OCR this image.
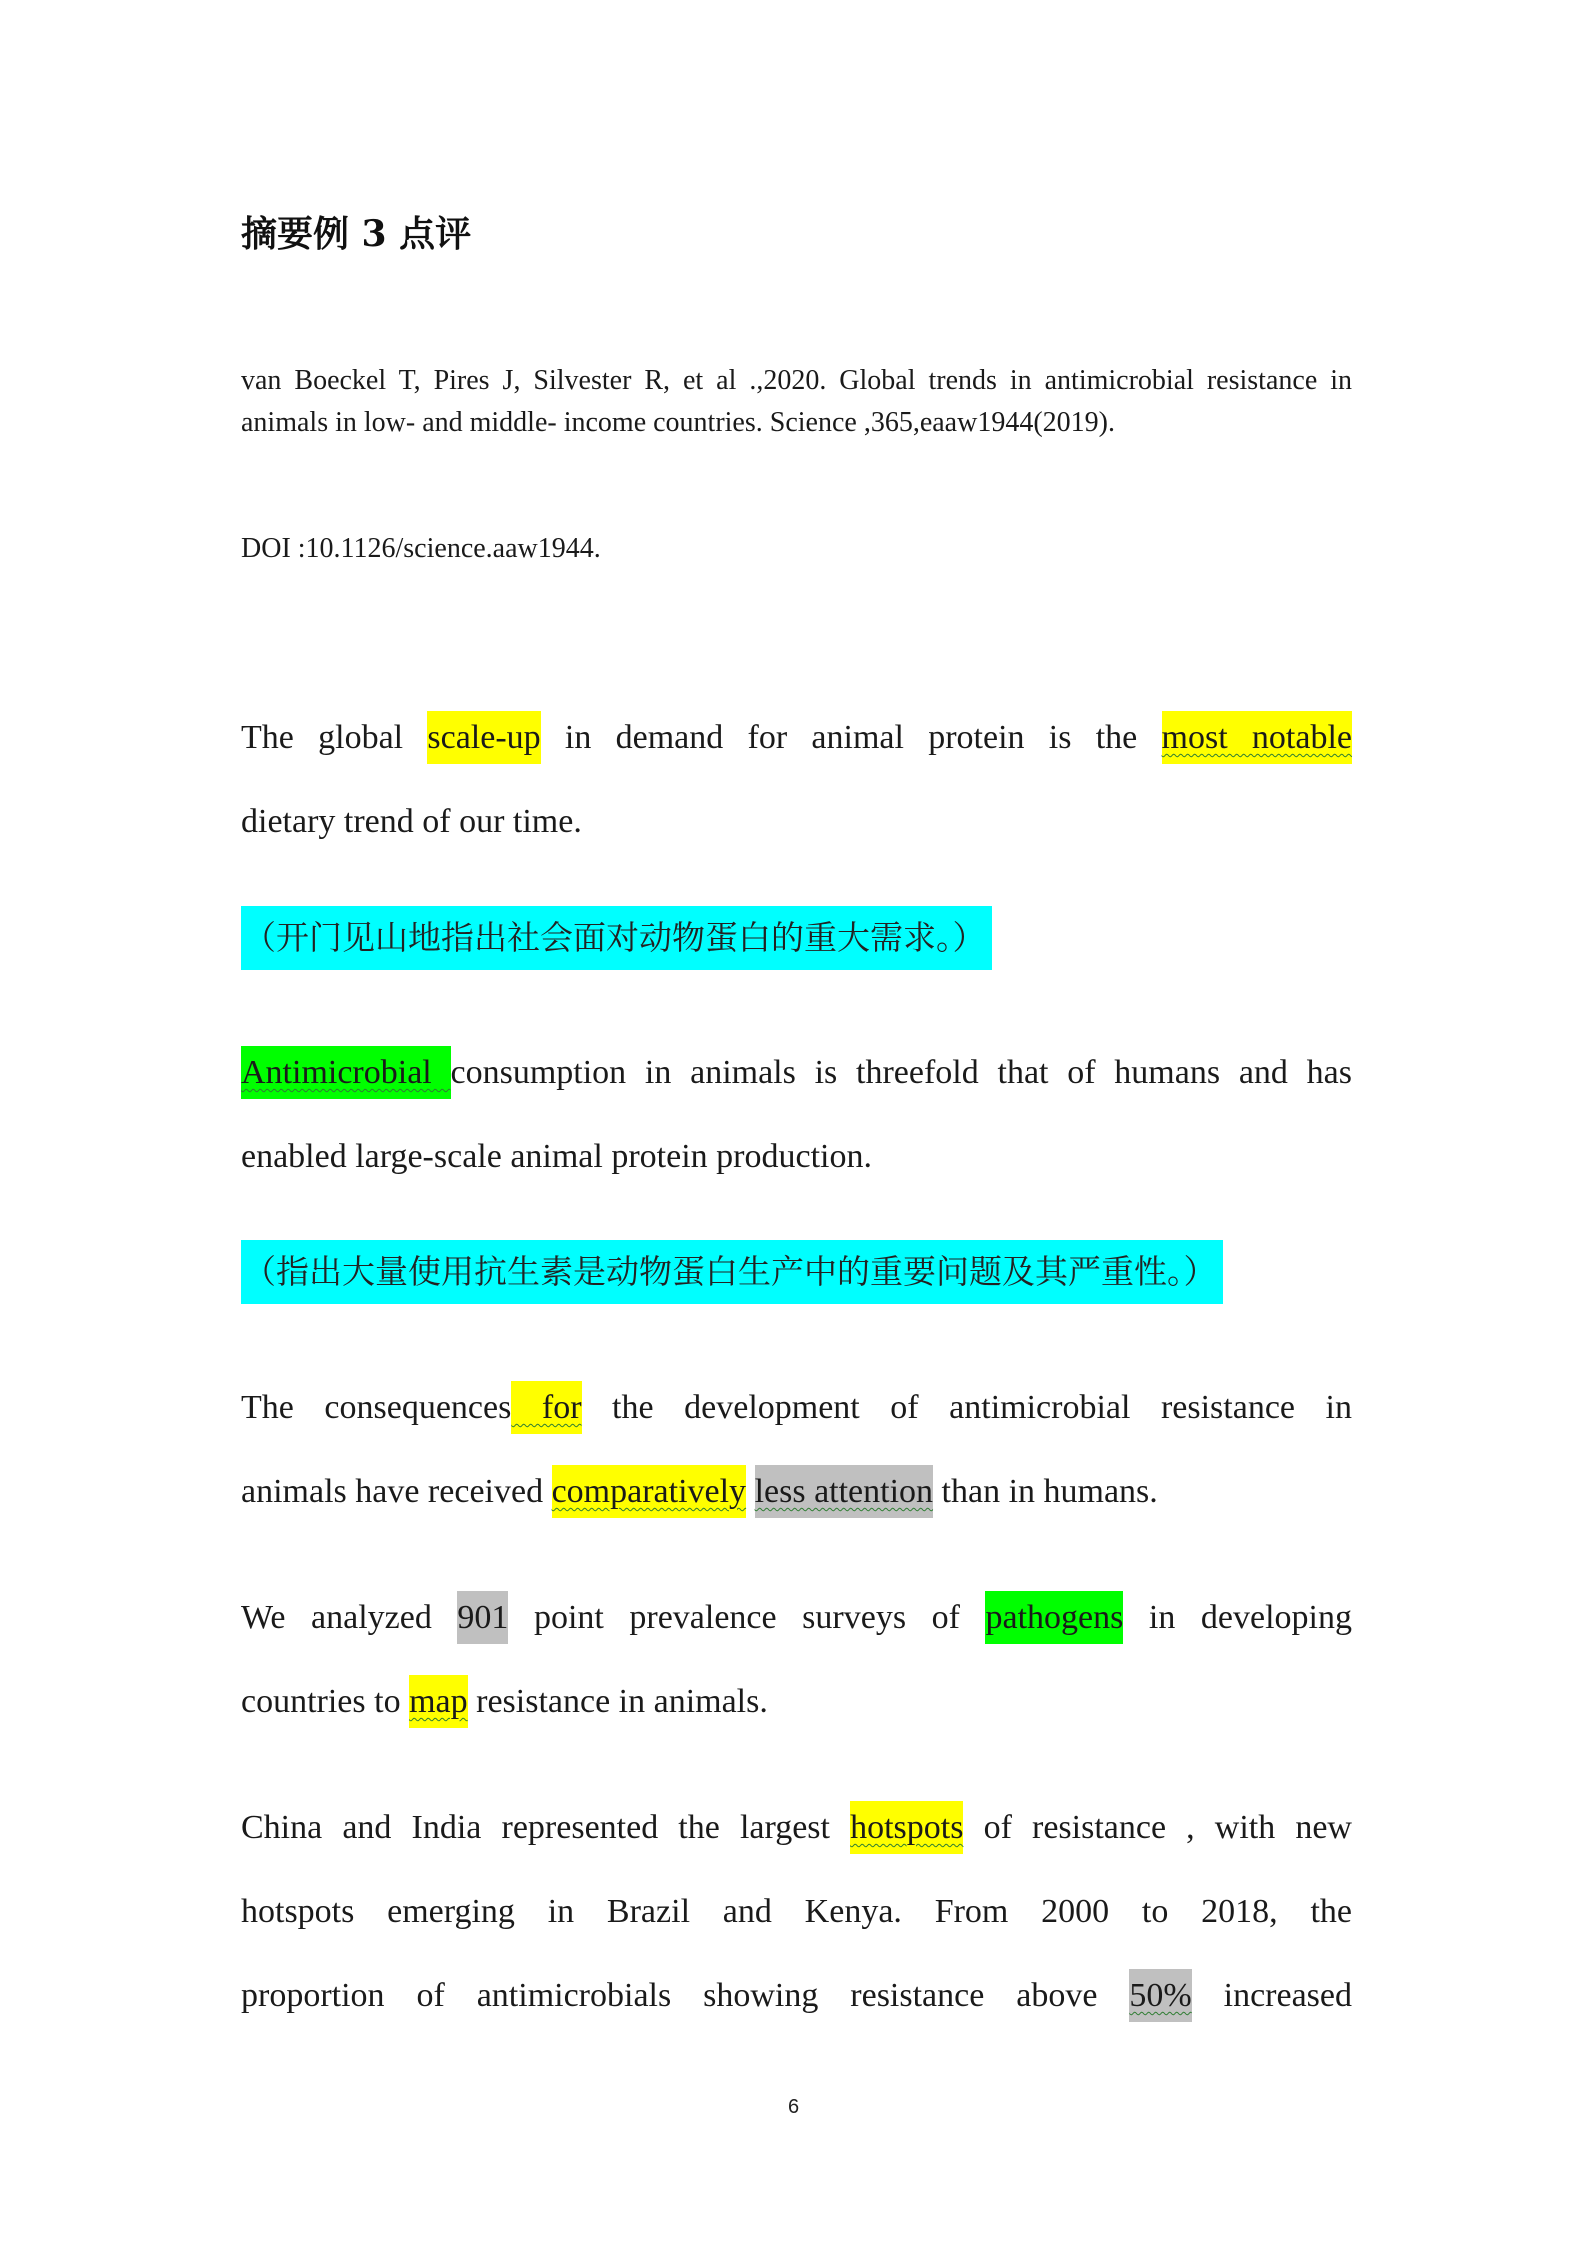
摘要例 3 点评
van Boeckel T, Pires J, Silvester R, et al .,2020. Global trends in antimicrobial resistance in animals in low- and middle- income countries. Science ,365,eaaw1944(2019).
DOI :10.1126/science.aaw1944.
The global scale-up in demand for animal protein is the most notable
dietary trend of our time.
（开门见山地指出社会面对动物蛋白的重大需求。）
Antimicrobial consumption in animals is threefold that of humans and has
enabled large-scale animal protein production.
（指出大量使用抗生素是动物蛋白生产中的重要问题及其严重性。）
The consequences for the development of antimicrobial resistance in
animals have received comparatively less attention than in humans.
We analyzed 901 point prevalence surveys of pathogens in developing
countries to map resistance in animals.
China and India represented the largest hotspots of resistance , with new
hotspots emerging in Brazil and Kenya. From 2000 to 2018, the
proportion of antimicrobials showing resistance above 50% increased
6
